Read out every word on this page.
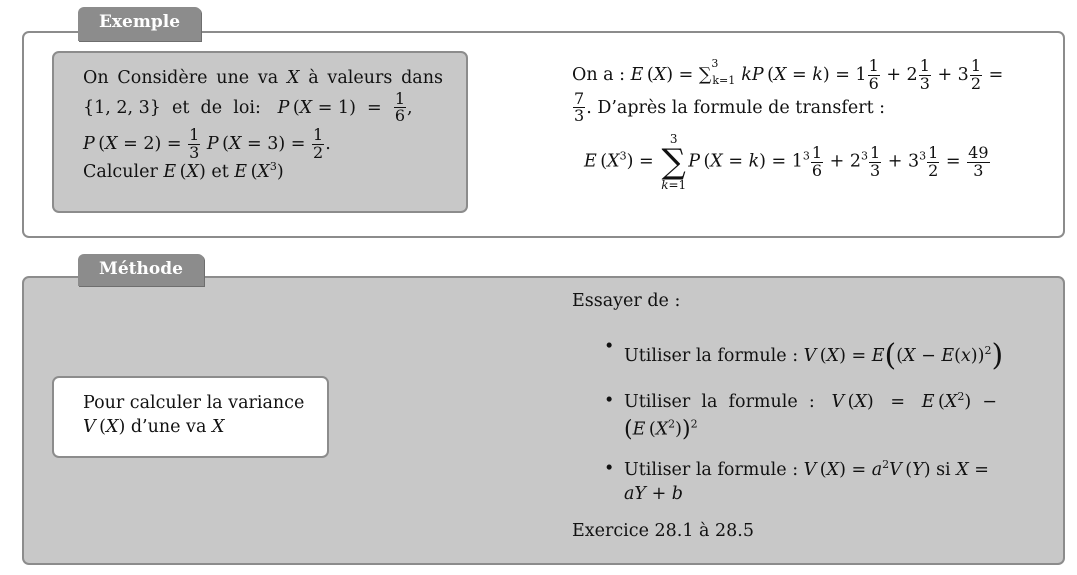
Exemple
On Considère une va X à valeurs dans {1, 2, 3}  et  de  loi:   P $(X = 1) = \frac{1}{6}$ ,
P $(X = 2) = \frac{1}{3}$ P $(X = 3) = \frac{1}{2}$ .
Calculer E (X) et E $(X^3)$
On a : E (X) = ∑$^3_{k=1}$ kP $(X = k) = 1 \frac{1}{6} + 2 \frac{1}{3} + 3 \frac{1}{2}$ =
$\frac{7}{3}$ . D’après la formule de transfert :
E $(X^3)$ =
3
∑
k=1
P $(X = k) = 1^3 \frac{1}{6} + 2^3 \frac{1}{3} + 3^3 \frac{1}{2} = \frac{49}{3}$
Méthode
Pour calculer la variance V (X) d’une va X
Essayer de :
• Utiliser la formule : V $(X) = E((X - E(x))^2)$
• Utiliser  la  formule  :   V (X)   =   E $(X^2)$  −
(E $(X^2))^2$
• Utiliser la formule : V $(X) = a^2V$ (Y) si X =
aY + b
Exercice 28.1 à 28.5
